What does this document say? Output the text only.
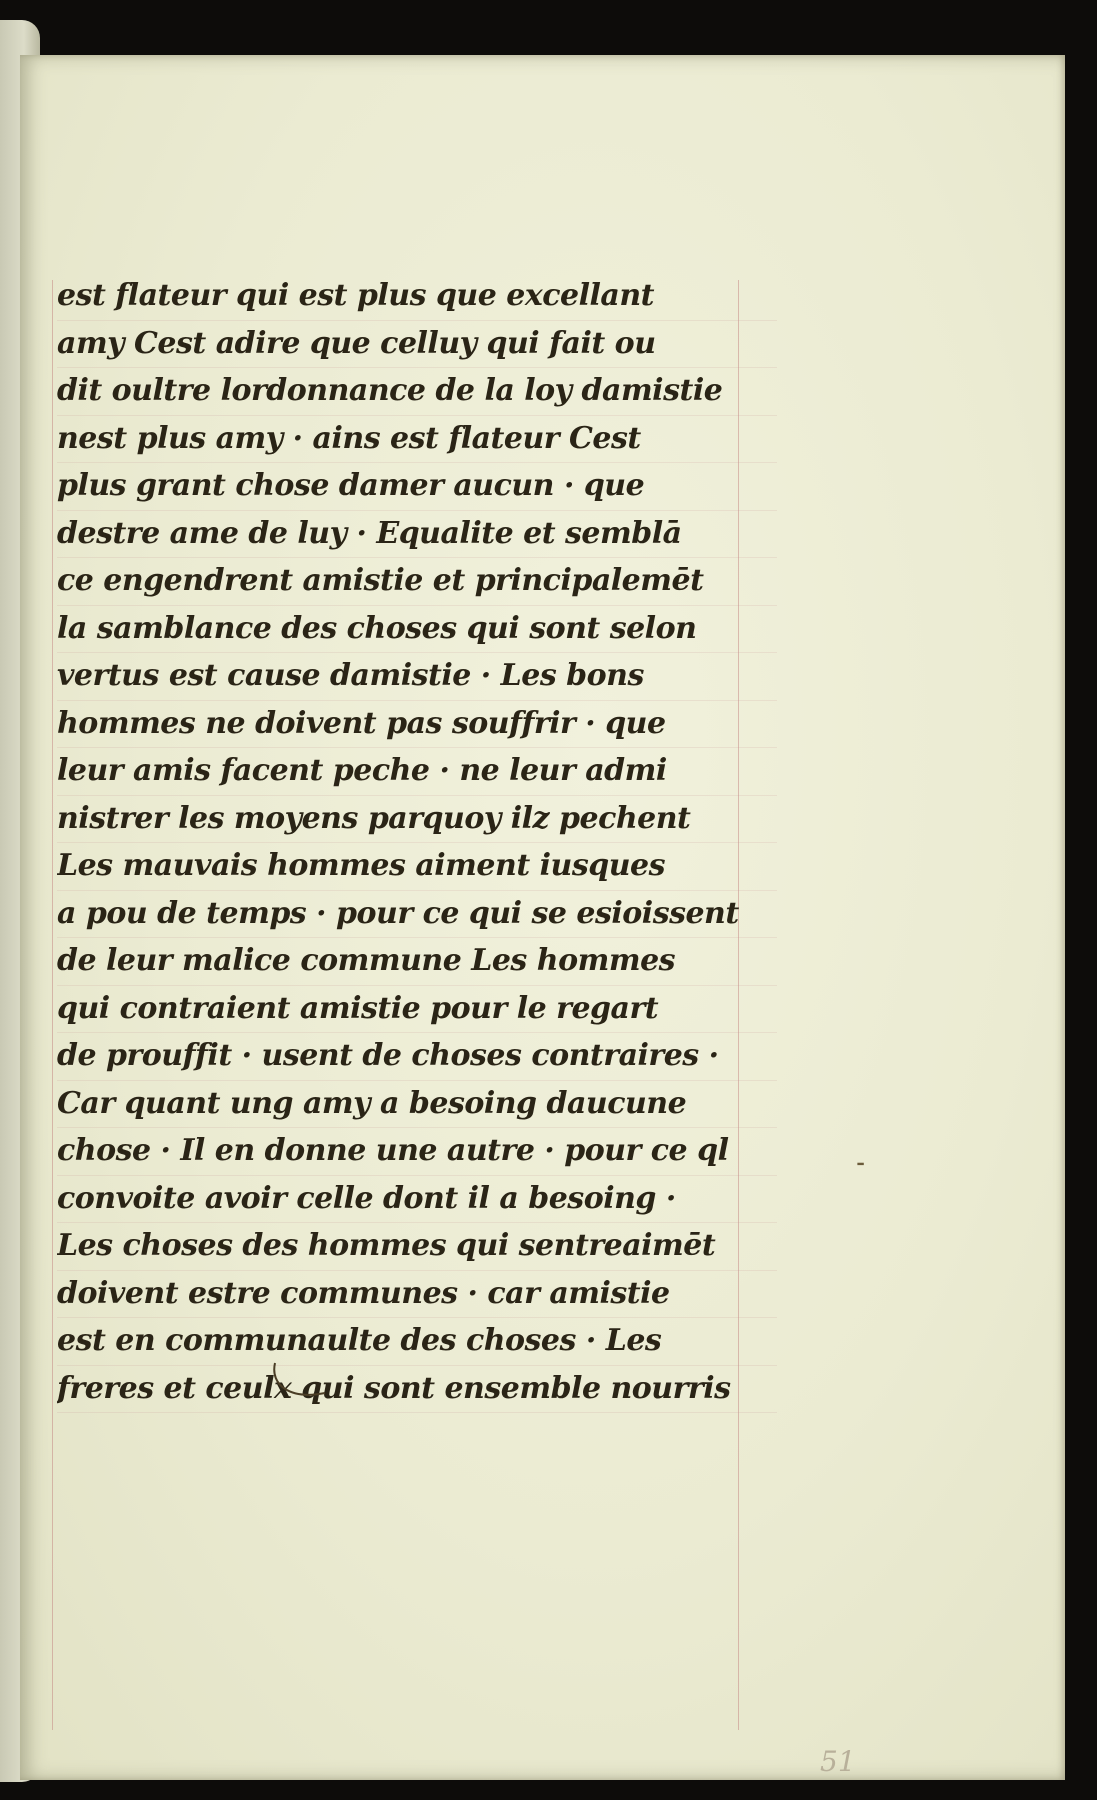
est flateur qui est plus que excellant
amy Cest adire que celluy qui fait ou
dit oultre lordonnance de la loy damistie
nest plus amy · ains est flateur Cest
plus grant chose damer aucun · que
destre ame de luy · Equalite et semblā
ce engendrent amistie et principalemēt
la samblance des choses qui sont selon
vertus est cause damistie · Les bons
hommes ne doivent pas souffrir · que
leur amis facent peche · ne leur admi
nistrer les moyens parquoy ilz pechent
Les mauvais hommes aiment iusques
a pou de temps · pour ce qui se esioissent
de leur malice commune Les hommes
qui contraient amistie pour le regart
de prouffit · usent de choses contraires ·
Car quant ung amy a besoing daucune
chose · Il en donne une autre · pour ce ql
convoite avoir celle dont il a besoing ·
Les choses des hommes qui sentreaimēt
doivent estre communes · car amistie
est en communaulte des choses · Les
freres et ceulx qui sont ensemble nourris
⁃
51
